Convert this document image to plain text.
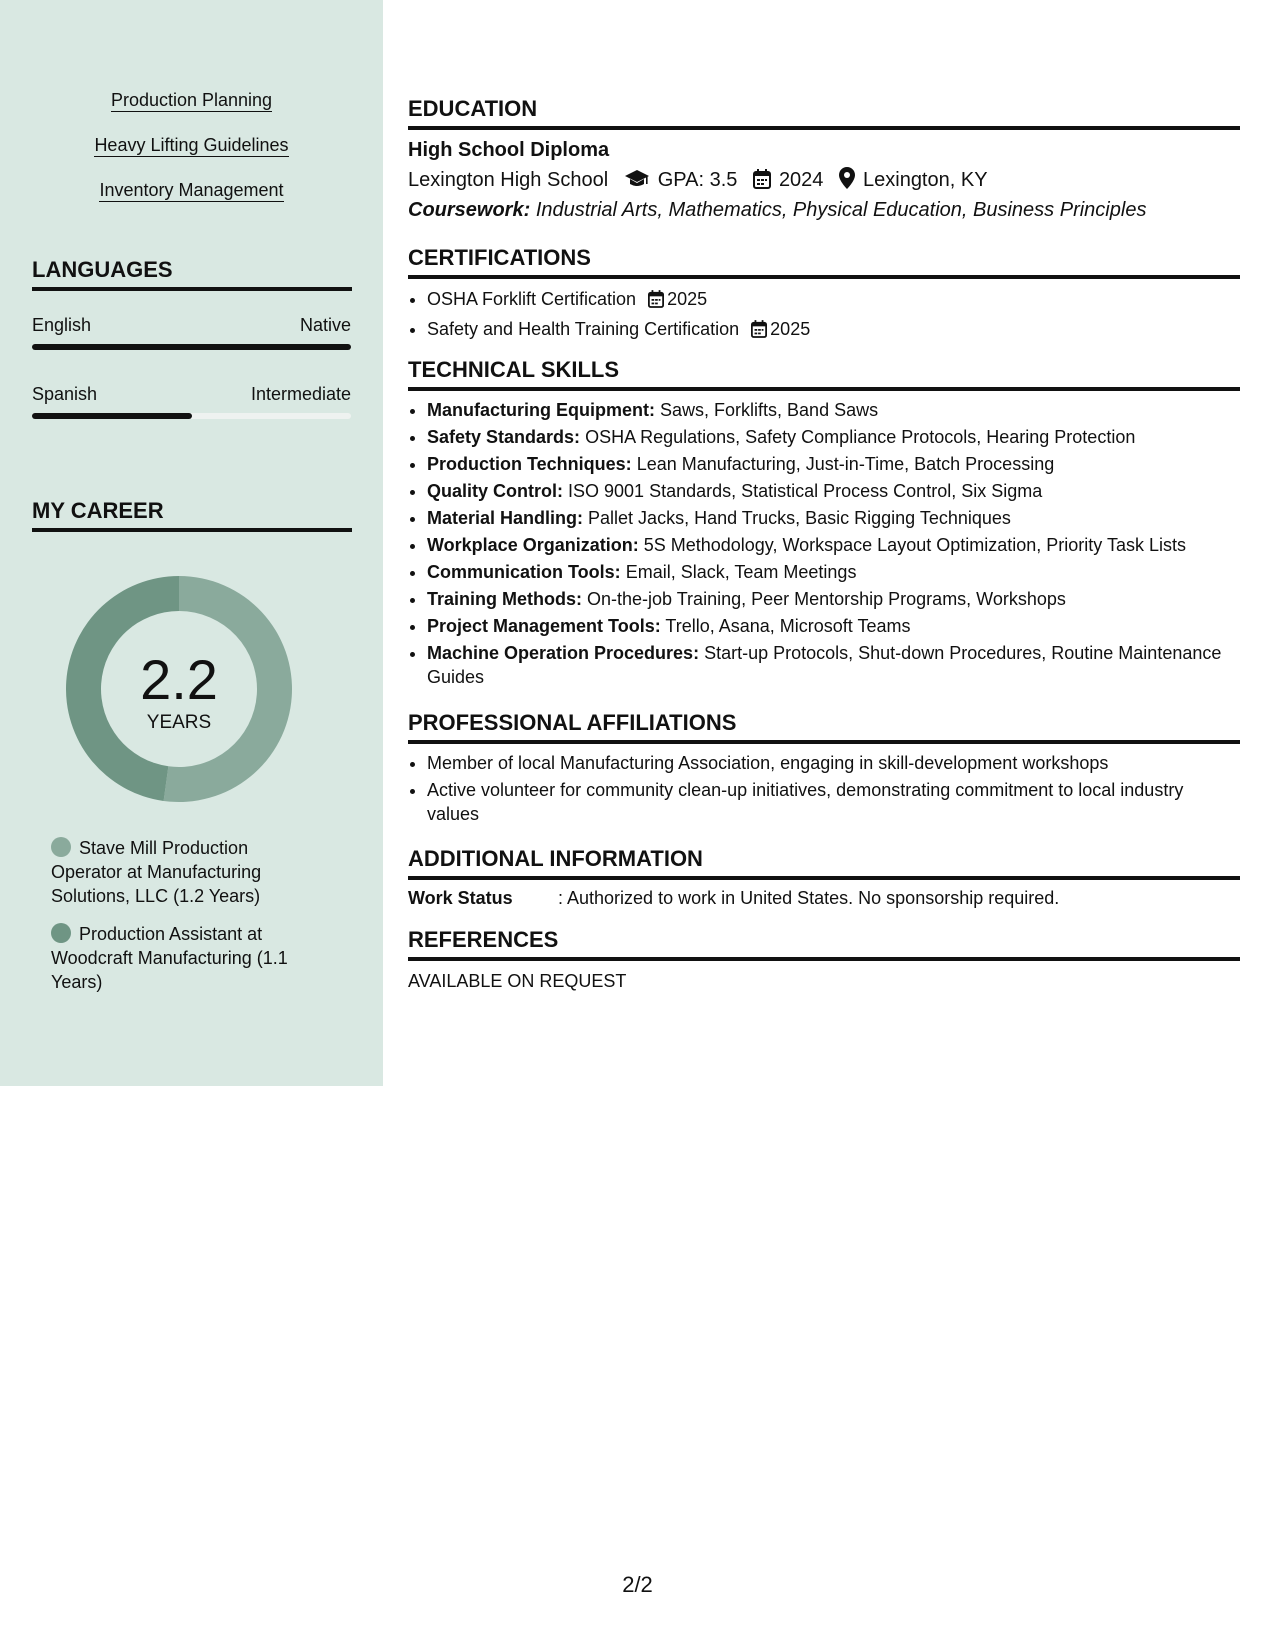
Production Planning
Heavy Lifting Guidelines
Inventory Management
LANGUAGES
English	Native
Spanish	Intermediate
MY CAREER
2.2
YEARS
Stave Mill Production Operator at Manufacturing Solutions, LLC (1.2 Years)
Production Assistant at Woodcraft Manufacturing (1.1 Years)
EDUCATION
High School Diploma
Lexington High School GPA: 3.5 2024 Lexington, KY
Coursework: Industrial Arts, Mathematics, Physical Education, Business Principles
CERTIFICATIONS
• OSHA Forklift Certification 2025
• Safety and Health Training Certification 2025
TECHNICAL SKILLS
• Manufacturing Equipment: Saws, Forklifts, Band Saws
• Safety Standards: OSHA Regulations, Safety Compliance Protocols, Hearing Protection
• Production Techniques: Lean Manufacturing, Just-in-Time, Batch Processing
• Quality Control: ISO 9001 Standards, Statistical Process Control, Six Sigma
• Material Handling: Pallet Jacks, Hand Trucks, Basic Rigging Techniques
• Workplace Organization: 5S Methodology, Workspace Layout Optimization, Priority Task Lists
• Communication Tools: Email, Slack, Team Meetings
• Training Methods: On-the-job Training, Peer Mentorship Programs, Workshops
• Project Management Tools: Trello, Asana, Microsoft Teams
• Machine Operation Procedures: Start-up Protocols, Shut-down Procedures, Routine Maintenance Guides
PROFESSIONAL AFFILIATIONS
• Member of local Manufacturing Association, engaging in skill-development workshops
• Active volunteer for community clean-up initiatives, demonstrating commitment to local industry values
ADDITIONAL INFORMATION
Work Status	: Authorized to work in United States. No sponsorship required.
REFERENCES
AVAILABLE ON REQUEST
2/2
